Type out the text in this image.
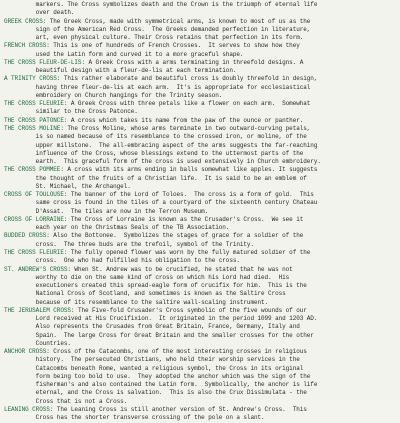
markers. The Cross symbolizes death and the Crown is the triumph of eternal life
over death.
GREEK CROSS: The Greek Cross, made with symmetrical arms, is known to most of us as the
sign of the American Red Cross.  The Greeks demanded perfection in literature,
art, even physical culture. Their Cross retains that perfection in its form.
FRENCH CROSS: This is one of hundreds of French Crosses.  It serves to show how they
used the Latin form and curved it to a more graceful shape.
THE CROSS FLEUR-DE-LIS: A Greek Cross with a arms terminating in threefold designs. A
beautiful design with a fleur-de-lis at each termination.
A TRINITY CROSS: This rather elaborate and beautiful cross is doubly threefold in design,
having three fleur-de-lis at each arm.  It's is appropriate for ecclesiastical
embroidery on Church hangings for the Trinity season.
THE CROSS FLEURIE: A Greek Cross with three petals like a flower on each arm.  Somewhat
similar to the Cross Patonce.
THE CROSS PATONCE: A cross which takes its name from the paw of the ounce or panther.
THE CROSS MOLINE: The Cross Moline, whose arms terminate in two outward-curving petals,
is so named because of its resemblance to the crossed iron, or moline, of the
upper millstone.  The all-embracing aspect of the arms suggests the far-reaching
influence of the Cross, whose blessings extend to the uttermost parts of the
earth.  This graceful form of the cross is used extensively in Church embroidery.
THE CROSS POMMEE: A cross with its arms ending in balls somewhat like apples. It suggests
the thought of the fruits of a Christian life.  It is said to be an emblem of
St. Michael, the Archangel.
CROSS OF TOULOUSE: The banner of the Lord of Toloes.  The cross is a form of gold.  This
same cross is found in the tiles of a courtyard of the sixteenth century Chateau
D'Assat.  The tiles are now in the Terron Museum.
CROSS OF LORRAINE: The Cross of Lorraine is known as the Crusader's Cross.  We see it
each year on the Christmas Seals of the TB Association.
BUDDED CROSS: Also the Bottonee.  Symbolizes the stages of grace for a soldier of the
cross.  The three buds are the trefoil, symbol of the Trinity.
THE CROSS FLEURIE: The fully opened flower was worn by the fully matured soldier of the
cross.  One who had fulfilled his obligation to the cross.
ST. ANDREW'S CROSS: When St. Andrew was to be crucified, he stated that he was not
worthy to die on the same kind of cross on which his Lord had died.  His
executioners created this spread-eagle form of crucifix for him.  This is the
National Cross of Scotland, and sometimes is known as the Saltire Cross
because of its resemblance to the saltire wall-scaling instrument.
THE JERUSALEM CROSS: The Five-fold Crusader's Cross symbolic of the five wounds of our
Lord received at His Crucifixion.  It originated in the period 1099 and 1203 AD.
Also represents the Crusades from Great Britain, France, Germany, Italy and
Spain.  The large Cross for Great Britain and the smaller crosses for the other
Countries.
ANCHOR CROSS: Cross of the Catacombs, one of the most interesting crosses in religious
history.  The persecuted Christians, who held their worship services in the
Catacombs beneath Rome, wanted a religious symbol, the Cross in its original
form being too bold to use.  They adopted the anchor which was the sign of the
fisherman's and also contained the Latin form.  Symbolically, the anchor is life
eternal, and the Cross is salvation.  This is also the Crux Dissimulata - the
Cross that is not a Cross.
LEANING CROSS: The Leaning Cross is still another version of St. Andrew's Cross.  This
Cross has the shorter transverse crossing of the pole on a slant.
